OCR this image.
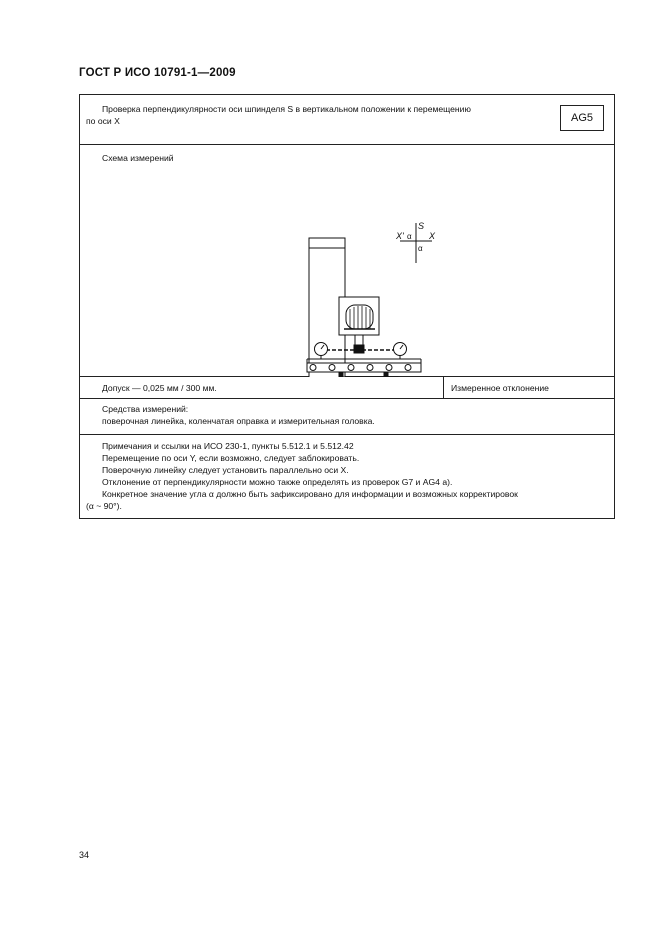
ГОСТ Р ИСО 10791-1—2009
Проверка перпендикулярности оси шпинделя S в вертикальном положении к перемещению
по оси X	AG5
Схема измерений
S
X'	X
α
α
Допуск — 0,025 мм / 300 мм.	Измеренное отклонение
Средства измерений:
поверочная линейка, коленчатая оправка и измерительная головка.
Примечания и ссылки на ИСО 230-1, пункты 5.512.1 и 5.512.42
Перемещение по оси Y, если возможно, следует заблокировать.
Поверочную линейку следует установить параллельно оси X.
Отклонение от перпендикулярности можно также определять из проверок G7 и AG4 а).
Конкретное значение угла α должно быть зафиксировано для информации и возможных корректировок
(α ~ 90°).
34
